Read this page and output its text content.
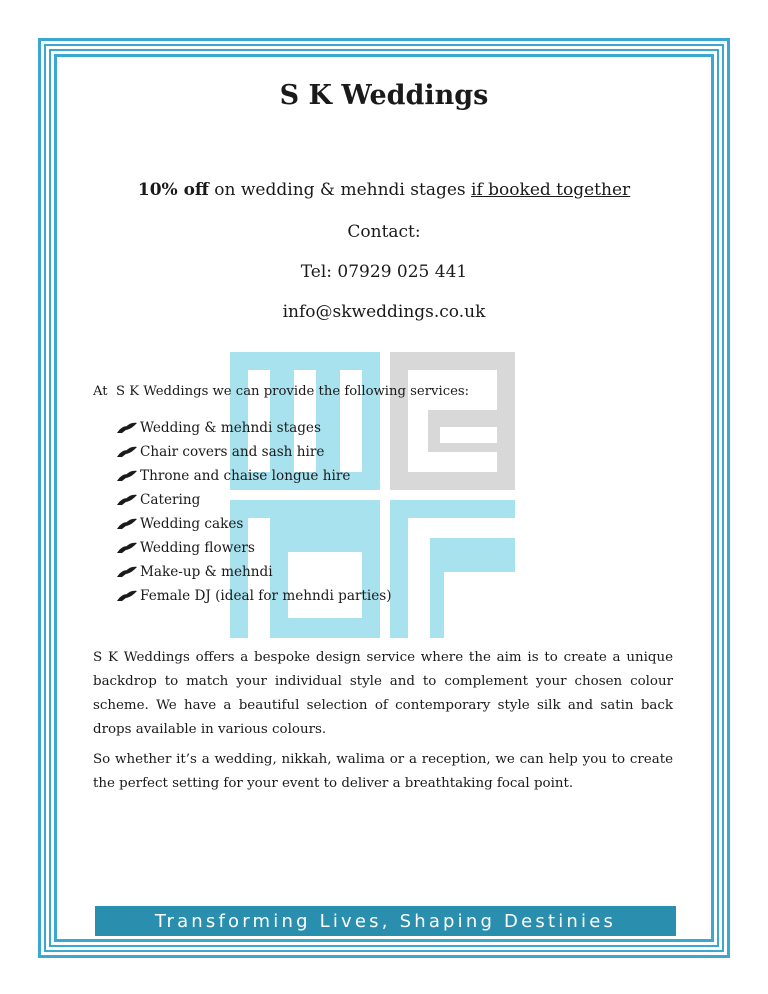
S K Weddings
10% off on wedding & mehndi stages if booked together
Contact:
Tel: 07929 025 441
info@skweddings.co.uk
At  S K Weddings we can provide the following services:
Wedding & mehndi stages
Chair covers and sash hire
Throne and chaise longue hire
Catering
Wedding cakes
Wedding flowers
Make-up & mehndi
Female DJ (ideal for mehndi parties)

S K Weddings offers a bespoke design service where the aim is to create a unique backdrop to match your individual style and to complement your chosen colour scheme. We have a beautiful selection of contemporary style silk and satin back drops available in various colours.

So whether it’s a wedding, nikkah, walima or a reception, we can help you to create the perfect setting for your event to deliver a breathtaking focal point.

Transforming Lives, Shaping Destinies
